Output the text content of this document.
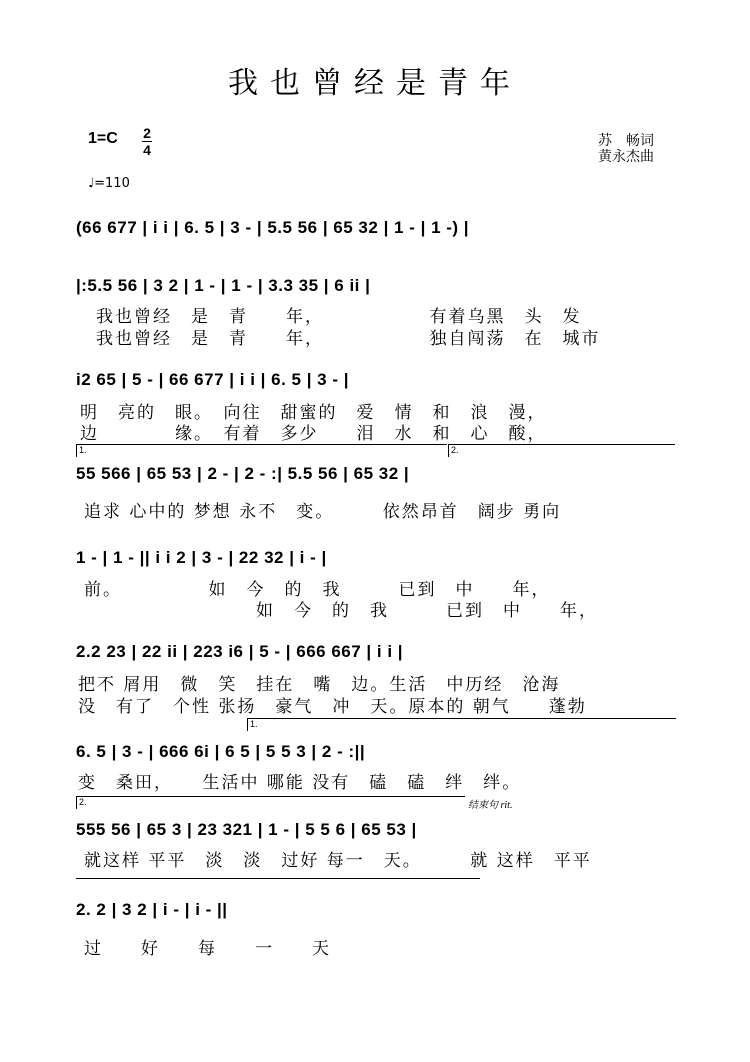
我也曾经是青年
1=C 2
4
苏　畅词
黄永杰曲
♩=110
(66 677 | i i | 6. 5 | 3 - | 5.5 56 | 65 32 | 1 - | 1 -) |
|:5.5 56 | 3 2 | 1 - | 1 - | 3.3 35 | 6 ii |
我也曾经　是　青　　年，　　　　　　有着乌黑　头　发
我也曾经　是　青　　年，　　　　　　独自闯荡　在　城市
i2 65 | 5 - | 66 677 | i i | 6. 5 | 3 - |
明　亮的　眼。　向往　甜蜜的　爱　情　和　浪　漫，
边　　　　缘。　有着　多少　　泪　水　和　心　酸，
1.	2.
55 566 | 65 53 | 2 - | 2 - :| 5.5 56 | 65 32 |
追求 心中的 梦想 永不　变。　　　依然昂首　阔步 勇向
1 - | 1 - || i i 2 | 3 - | 22 32 | i - |
前。　　　　　如　今　的　我　　　已到　中　　年，
如　今　的　我　　　已到　中　　年，
2.2 23 | 22 ii | 223 i6 | 5 - | 666 667 | i i |
把不 屑用　微　笑　挂在　嘴　边。生活　中历经　沧海
没　有了　个性 张扬　豪气　冲　天。原本的 朝气　　蓬勃
1.
6. 5 | 3 - | 666 6i | 6 5 | 5 5 3 | 2 - :||
变　桑田，　　生活中 哪能 没有　磕　磕　绊　绊。
2.	结束句 rit.
555 56 | 65 3 | 23 321 | 1 - | 5 5 6 | 65 53 |
就这样 平平　淡　淡　过好 每一　天。　　　就 这样　平平
2. 2 | 3 2 | i - | i - ||
过　　好　　每　　一　　天
